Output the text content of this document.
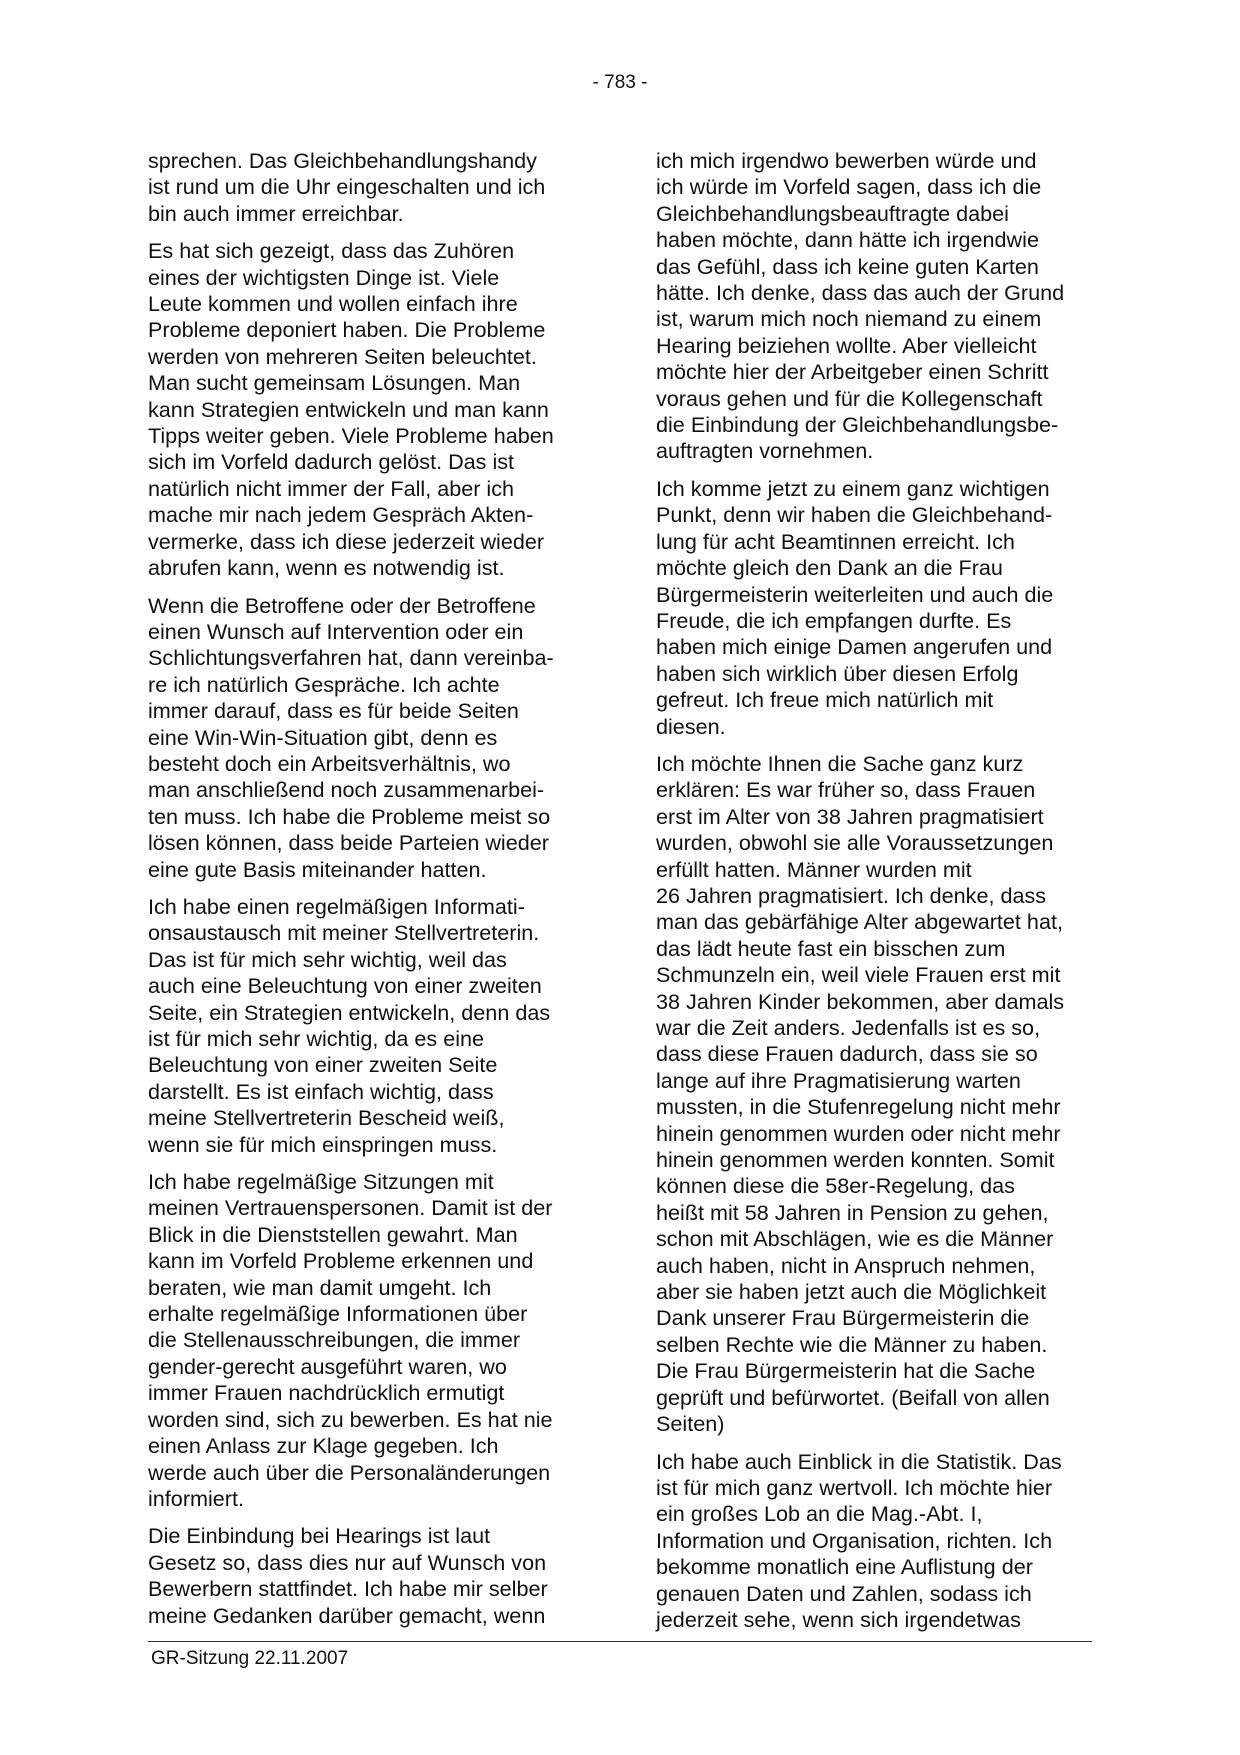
- 783 -

sprechen. Das Gleichbehandlungshandy
ist rund um die Uhr eingeschalten und ich
bin auch immer erreichbar.

Es hat sich gezeigt, dass das Zuhören
eines der wichtigsten Dinge ist. Viele
Leute kommen und wollen einfach ihre
Probleme deponiert haben. Die Probleme
werden von mehreren Seiten beleuchtet.
Man sucht gemeinsam Lösungen. Man
kann Strategien entwickeln und man kann
Tipps weiter geben. Viele Probleme haben
sich im Vorfeld dadurch gelöst. Das ist
natürlich nicht immer der Fall, aber ich
mache mir nach jedem Gespräch Akten-
vermerke, dass ich diese jederzeit wieder
abrufen kann, wenn es notwendig ist.

Wenn die Betroffene oder der Betroffene
einen Wunsch auf Intervention oder ein
Schlichtungsverfahren hat, dann vereinba-
re ich natürlich Gespräche. Ich achte
immer darauf, dass es für beide Seiten
eine Win-Win-Situation gibt, denn es
besteht doch ein Arbeitsverhältnis, wo
man anschließend noch zusammenarbei-
ten muss. Ich habe die Probleme meist so
lösen können, dass beide Parteien wieder
eine gute Basis miteinander hatten.

Ich habe einen regelmäßigen Informati-
onsaustausch mit meiner Stellvertreterin.
Das ist für mich sehr wichtig, weil das
auch eine Beleuchtung von einer zweiten
Seite, ein Strategien entwickeln, denn das
ist für mich sehr wichtig, da es eine
Beleuchtung von einer zweiten Seite
darstellt. Es ist einfach wichtig, dass
meine Stellvertreterin Bescheid weiß,
wenn sie für mich einspringen muss.

Ich habe regelmäßige Sitzungen mit
meinen Vertrauenspersonen. Damit ist der
Blick in die Dienststellen gewahrt. Man
kann im Vorfeld Probleme erkennen und
beraten, wie man damit umgeht. Ich
erhalte regelmäßige Informationen über
die Stellenausschreibungen, die immer
gender-gerecht ausgeführt waren, wo
immer Frauen nachdrücklich ermutigt
worden sind, sich zu bewerben. Es hat nie
einen Anlass zur Klage gegeben. Ich
werde auch über die Personaländerungen
informiert.

Die Einbindung bei Hearings ist laut
Gesetz so, dass dies nur auf Wunsch von
Bewerbern stattfindet. Ich habe mir selber
meine Gedanken darüber gemacht, wenn

ich mich irgendwo bewerben würde und
ich würde im Vorfeld sagen, dass ich die
Gleichbehandlungsbeauftragte dabei
haben möchte, dann hätte ich irgendwie
das Gefühl, dass ich keine guten Karten
hätte. Ich denke, dass das auch der Grund
ist, warum mich noch niemand zu einem
Hearing beiziehen wollte. Aber vielleicht
möchte hier der Arbeitgeber einen Schritt
voraus gehen und für die Kollegenschaft
die Einbindung der Gleichbehandlungsbe-
auftragten vornehmen.

Ich komme jetzt zu einem ganz wichtigen
Punkt, denn wir haben die Gleichbehand-
lung für acht Beamtinnen erreicht. Ich
möchte gleich den Dank an die Frau
Bürgermeisterin weiterleiten und auch die
Freude, die ich empfangen durfte. Es
haben mich einige Damen angerufen und
haben sich wirklich über diesen Erfolg
gefreut. Ich freue mich natürlich mit
diesen.

Ich möchte Ihnen die Sache ganz kurz
erklären: Es war früher so, dass Frauen
erst im Alter von 38 Jahren pragmatisiert
wurden, obwohl sie alle Voraussetzungen
erfüllt hatten. Männer wurden mit
26 Jahren pragmatisiert. Ich denke, dass
man das gebärfähige Alter abgewartet hat,
das lädt heute fast ein bisschen zum
Schmunzeln ein, weil viele Frauen erst mit
38 Jahren Kinder bekommen, aber damals
war die Zeit anders. Jedenfalls ist es so,
dass diese Frauen dadurch, dass sie so
lange auf ihre Pragmatisierung warten
mussten, in die Stufenregelung nicht mehr
hinein genommen wurden oder nicht mehr
hinein genommen werden konnten. Somit
können diese die 58er-Regelung, das
heißt mit 58 Jahren in Pension zu gehen,
schon mit Abschlägen, wie es die Männer
auch haben, nicht in Anspruch nehmen,
aber sie haben jetzt auch die Möglichkeit
Dank unserer Frau Bürgermeisterin die
selben Rechte wie die Männer zu haben.
Die Frau Bürgermeisterin hat die Sache
geprüft und befürwortet. (Beifall von allen
Seiten)

Ich habe auch Einblick in die Statistik. Das
ist für mich ganz wertvoll. Ich möchte hier
ein großes Lob an die Mag.-Abt. I,
Information und Organisation, richten. Ich
bekomme monatlich eine Auflistung der
genauen Daten und Zahlen, sodass ich
jederzeit sehe, wenn sich irgendetwas

GR-Sitzung 22.11.2007
